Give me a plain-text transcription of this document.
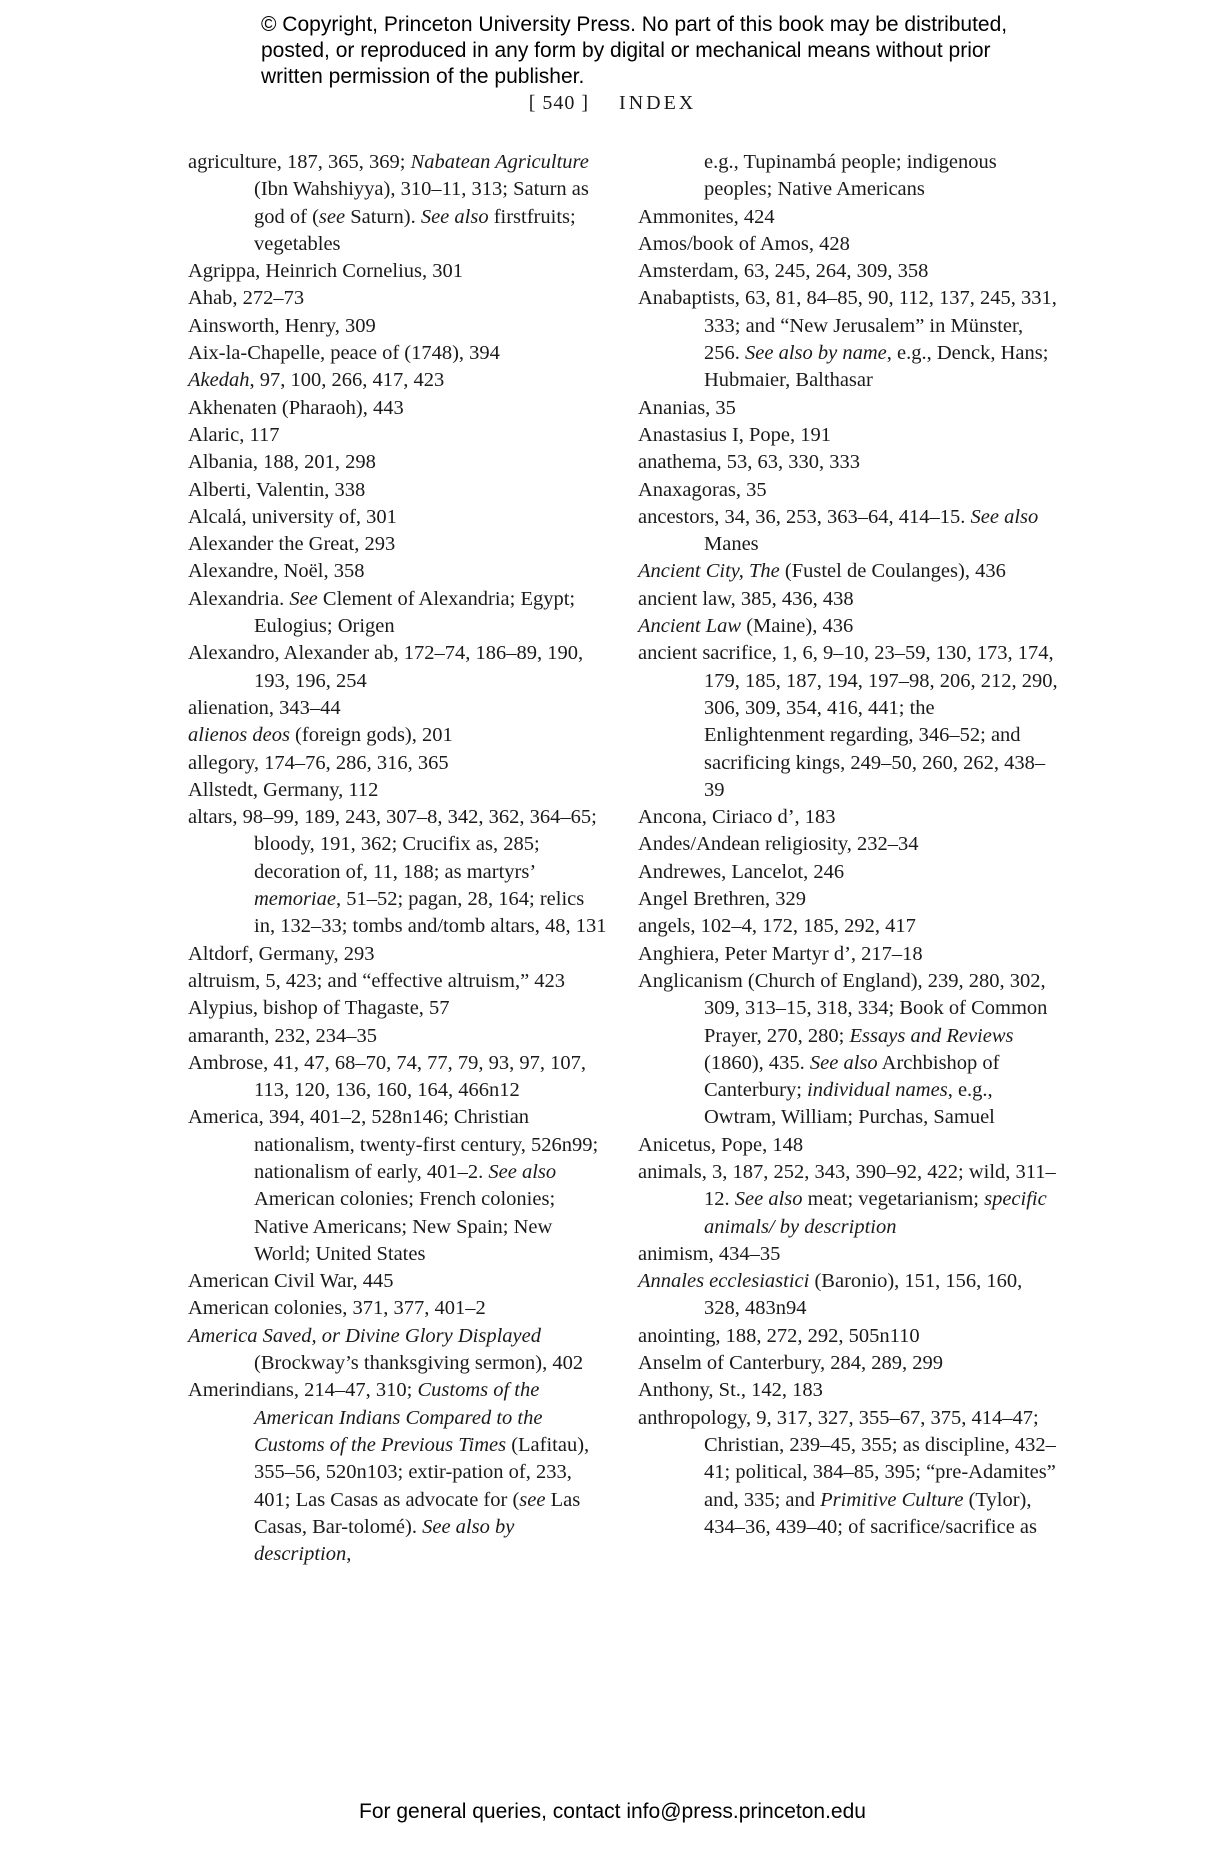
© Copyright, Princeton University Press. No part of this book may be distributed, posted, or reproduced in any form by digital or mechanical means without prior written permission of the publisher.
[ 540 ] INDEX

agriculture, 187, 365, 369; Nabatean Agriculture (Ibn Wahshiyya), 310–11, 313; Saturn as god of (see Saturn). See also firstfruits; vegetables

Agrippa, Heinrich Cornelius, 301

Ahab, 272–73

Ainsworth, Henry, 309

Aix-la-Chapelle, peace of (1748), 394

Akedah, 97, 100, 266, 417, 423

Akhenaten (Pharaoh), 443

Alaric, 117

Albania, 188, 201, 298

Alberti, Valentin, 338

Alcalá, university of, 301

Alexander the Great, 293

Alexandre, Noël, 358

Alexandria. See Clement of Alexandria; Egypt; Eulogius; Origen

Alexandro, Alexander ab, 172–74, 186–89, 190, 193, 196, 254

alienation, 343–44

alienos deos (foreign gods), 201

allegory, 174–76, 286, 316, 365

Allstedt, Germany, 112

altars, 98–99, 189, 243, 307–8, 342, 362, 364–65; bloody, 191, 362; Crucifix as, 285; decoration of, 11, 188; as martyrs’ memoriae, 51–52; pagan, 28, 164; relics in, 132–33; tombs and/tomb altars, 48, 131

Altdorf, Germany, 293

altruism, 5, 423; and “effective altruism,” 423

Alypius, bishop of Thagaste, 57

amaranth, 232, 234–35

Ambrose, 41, 47, 68–70, 74, 77, 79, 93, 97, 107, 113, 120, 136, 160, 164, 466n12

America, 394, 401–2, 528n146; Christian nationalism, twenty-first century, 526n99; nationalism of early, 401–2. See also American colonies; French colonies; Native Americans; New Spain; New World; United States

American Civil War, 445

American colonies, 371, 377, 401–2

America Saved, or Divine Glory Displayed (Brockway’s thanksgiving sermon), 402

Amerindians, 214–47, 310; Customs of the American Indians Compared to the Customs of the Previous Times (Lafitau), 355–56, 520n103; extir-pation of, 233, 401; Las Casas as advocate for (see Las Casas, Bar-tolomé). See also by description,

e.g., Tupinambá people; indigenous peoples; Native Americans

Ammonites, 424

Amos/book of Amos, 428

Amsterdam, 63, 245, 264, 309, 358

Anabaptists, 63, 81, 84–85, 90, 112, 137, 245, 331, 333; and “New Jerusalem” in Münster, 256. See also by name, e.g., Denck, Hans; Hubmaier, Balthasar

Ananias, 35

Anastasius I, Pope, 191

anathema, 53, 63, 330, 333

Anaxagoras, 35

ancestors, 34, 36, 253, 363–64, 414–15. See also Manes

Ancient City, The (Fustel de Coulanges), 436

ancient law, 385, 436, 438

Ancient Law (Maine), 436

ancient sacrifice, 1, 6, 9–10, 23–59, 130, 173, 174, 179, 185, 187, 194, 197–98, 206, 212, 290, 306, 309, 354, 416, 441; the Enlightenment regarding, 346–52; and sacrificing kings, 249–50, 260, 262, 438–39

Ancona, Ciriaco d’, 183

Andes/Andean religiosity, 232–34

Andrewes, Lancelot, 246

Angel Brethren, 329

angels, 102–4, 172, 185, 292, 417

Anghiera, Peter Martyr d’, 217–18

Anglicanism (Church of England), 239, 280, 302, 309, 313–15, 318, 334; Book of Common Prayer, 270, 280; Essays and Reviews (1860), 435. See also Archbishop of Canterbury; individual names, e.g., Owtram, William; Purchas, Samuel

Anicetus, Pope, 148

animals, 3, 187, 252, 343, 390–92, 422; wild, 311–12. See also meat; vegetarianism; specific animals/ by description

animism, 434–35

Annales ecclesiastici (Baronio), 151, 156, 160, 328, 483n94

anointing, 188, 272, 292, 505n110

Anselm of Canterbury, 284, 289, 299

Anthony, St., 142, 183

anthropology, 9, 317, 327, 355–67, 375, 414–47; Christian, 239–45, 355; as discipline, 432–41; political, 384–85, 395; “pre-Adamites” and, 335; and Primitive Culture (Tylor), 434–36, 439–40; of sacrifice/sacrifice as

For general queries, contact info@press.princeton.edu
